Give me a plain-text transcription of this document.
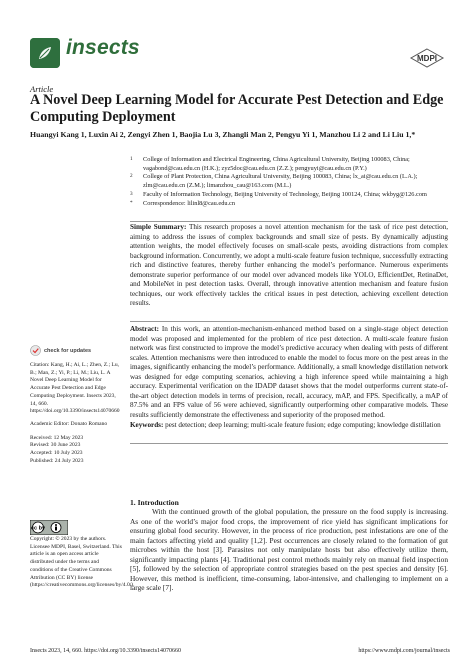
insects	MDPI
Article
A Novel Deep Learning Model for Accurate Pest Detection and Edge Computing Deployment
Huangyi Kang 1, Luxin Ai 2, Zengyi Zhen 1, Baojia Lu 3, Zhangli Man 2, Pengyu Yi 1, Manzhou Li 2 and Li Liu 1,*
1 College of Information and Electrical Engineering, China Agricultural University, Beijing 100083, China; vagabond@cau.edu.cn (H.K.); zyz5doc@cau.edu.cn (Z.Z.); pengyuyi@cau.edu.cn (P.Y.)
2 College of Plant Protection, China Agricultural University, Beijing 100083, China; lx_ai@cau.edu.cn (L.A.); zlm@cau.edu.cn (Z.M.); limanzhou_cau@163.com (M.L.)
3 Faculty of Information Technology, Beijing University of Technology, Beijing 100124, China; wkbyg@126.com
* Correspondence: lilinl8@cau.edu.cn
Simple Summary: This research proposes a novel attention mechanism for the task of rice pest detection, aiming to address the issues of complex backgrounds and small size of pests. By dynamically adjusting attention weights, the model effectively focuses on small-scale pests, avoiding distractions from complex background information. Concurrently, we adopt a multi-scale feature fusion technique, successfully extracting rich and distinctive features, thereby further enhancing the model’s performance. Numerous experiments demonstrate superior performance of our model over advanced models like YOLO, EfficientDet, RetinaDet, and MobileNet in pest detection tasks. Overall, through innovative attention mechanism and feature fusion techniques, our work effectively tackles the critical issues in pest detection, achieving excellent detection results.
Abstract: In this work, an attention-mechanism-enhanced method based on a single-stage object detection model was proposed and implemented for the problem of rice pest detection. A multi-scale feature fusion network was first constructed to improve the model’s predictive accuracy when dealing with pests of different scales. Attention mechanisms were then introduced to enable the model to focus more on the pest areas in the images, significantly enhancing the model’s performance. Additionally, a small knowledge distillation network was designed for edge computing scenarios, achieving a high inference speed while maintaining a high accuracy. Experimental verification on the IDADP dataset shows that the model outperforms current state-of-the-art object detection models in terms of precision, recall, accuracy, mAP, and FPS. Specifically, a mAP of 87.5% and an FPS value of 56 were achieved, significantly outperforming other comparative models. These results sufficiently demonstrate the effectiveness and superiority of the proposed method.
Keywords: pest detection; deep learning; multi-scale feature fusion; edge computing; knowledge distillation
check for updates

Citation: Kang, H.; Ai, L.; Zhen, Z.; Lu, B.; Man, Z.; Yi, P.; Li, M.; Liu, L. A Novel Deep Learning Model for Accurate Pest Detection and Edge Computing Deployment. Insects 2023, 14, 660. https://doi.org/10.3390/insects14070660

Academic Editor: Donato Romano

Received: 12 May 2023
Revised: 30 June 2023
Accepted: 10 July 2023
Published: 24 July 2023

cc by
Copyright: © 2023 by the authors. Licensee MDPI, Basel, Switzerland. This article is an open access article distributed under the terms and conditions of the Creative Commons Attribution (CC BY) license (https://creativecommons.org/licenses/by/4.0/).
1. Introduction
With the continued growth of the global population, the pressure on the food supply is increasing. As one of the world’s major food crops, the improvement of rice yield has significant implications for ensuring global food security. However, in the process of rice production, pest infestations are one of the main factors affecting yield and quality [1,2]. Pest occurrences are closely related to the formation of gut microbes within the host [3]. Parasites not only manipulate hosts but also effectively utilize them, significantly impacting plants [4]. Traditional pest control methods mainly rely on manual field inspection [5], followed by the selection of appropriate control strategies based on the pest species and density [6]. However, this method is inefficient, time-consuming, labor-intensive, and challenging to implement on a large scale [7].
Insects 2023, 14, 660. https://doi.org/10.3390/insects14070660	https://www.mdpi.com/journal/insects
